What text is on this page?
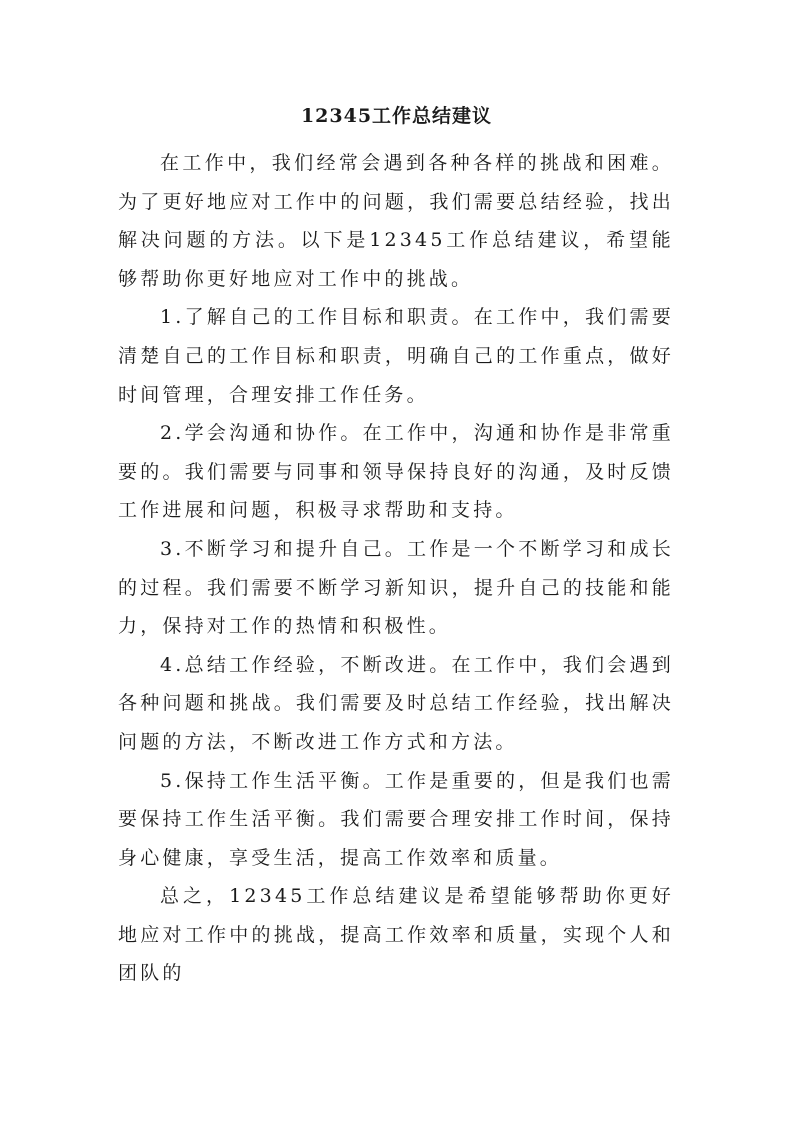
12345工作总结建议

在工作中，我们经常会遇到各种各样的挑战和困难。为了更好地应对工作中的问题，我们需要总结经验，找出解决问题的方法。以下是12345工作总结建议，希望能够帮助你更好地应对工作中的挑战。

1.了解自己的工作目标和职责。在工作中，我们需要清楚自己的工作目标和职责，明确自己的工作重点，做好时间管理，合理安排工作任务。

2.学会沟通和协作。在工作中，沟通和协作是非常重要的。我们需要与同事和领导保持良好的沟通，及时反馈工作进展和问题，积极寻求帮助和支持。

3.不断学习和提升自己。工作是一个不断学习和成长的过程。我们需要不断学习新知识，提升自己的技能和能力，保持对工作的热情和积极性。

4.总结工作经验，不断改进。在工作中，我们会遇到各种问题和挑战。我们需要及时总结工作经验，找出解决问题的方法，不断改进工作方式和方法。

5.保持工作生活平衡。工作是重要的，但是我们也需要保持工作生活平衡。我们需要合理安排工作时间，保持身心健康，享受生活，提高工作效率和质量。

总之，12345工作总结建议是希望能够帮助你更好地应对工作中的挑战，提高工作效率和质量，实现个人和团队的
